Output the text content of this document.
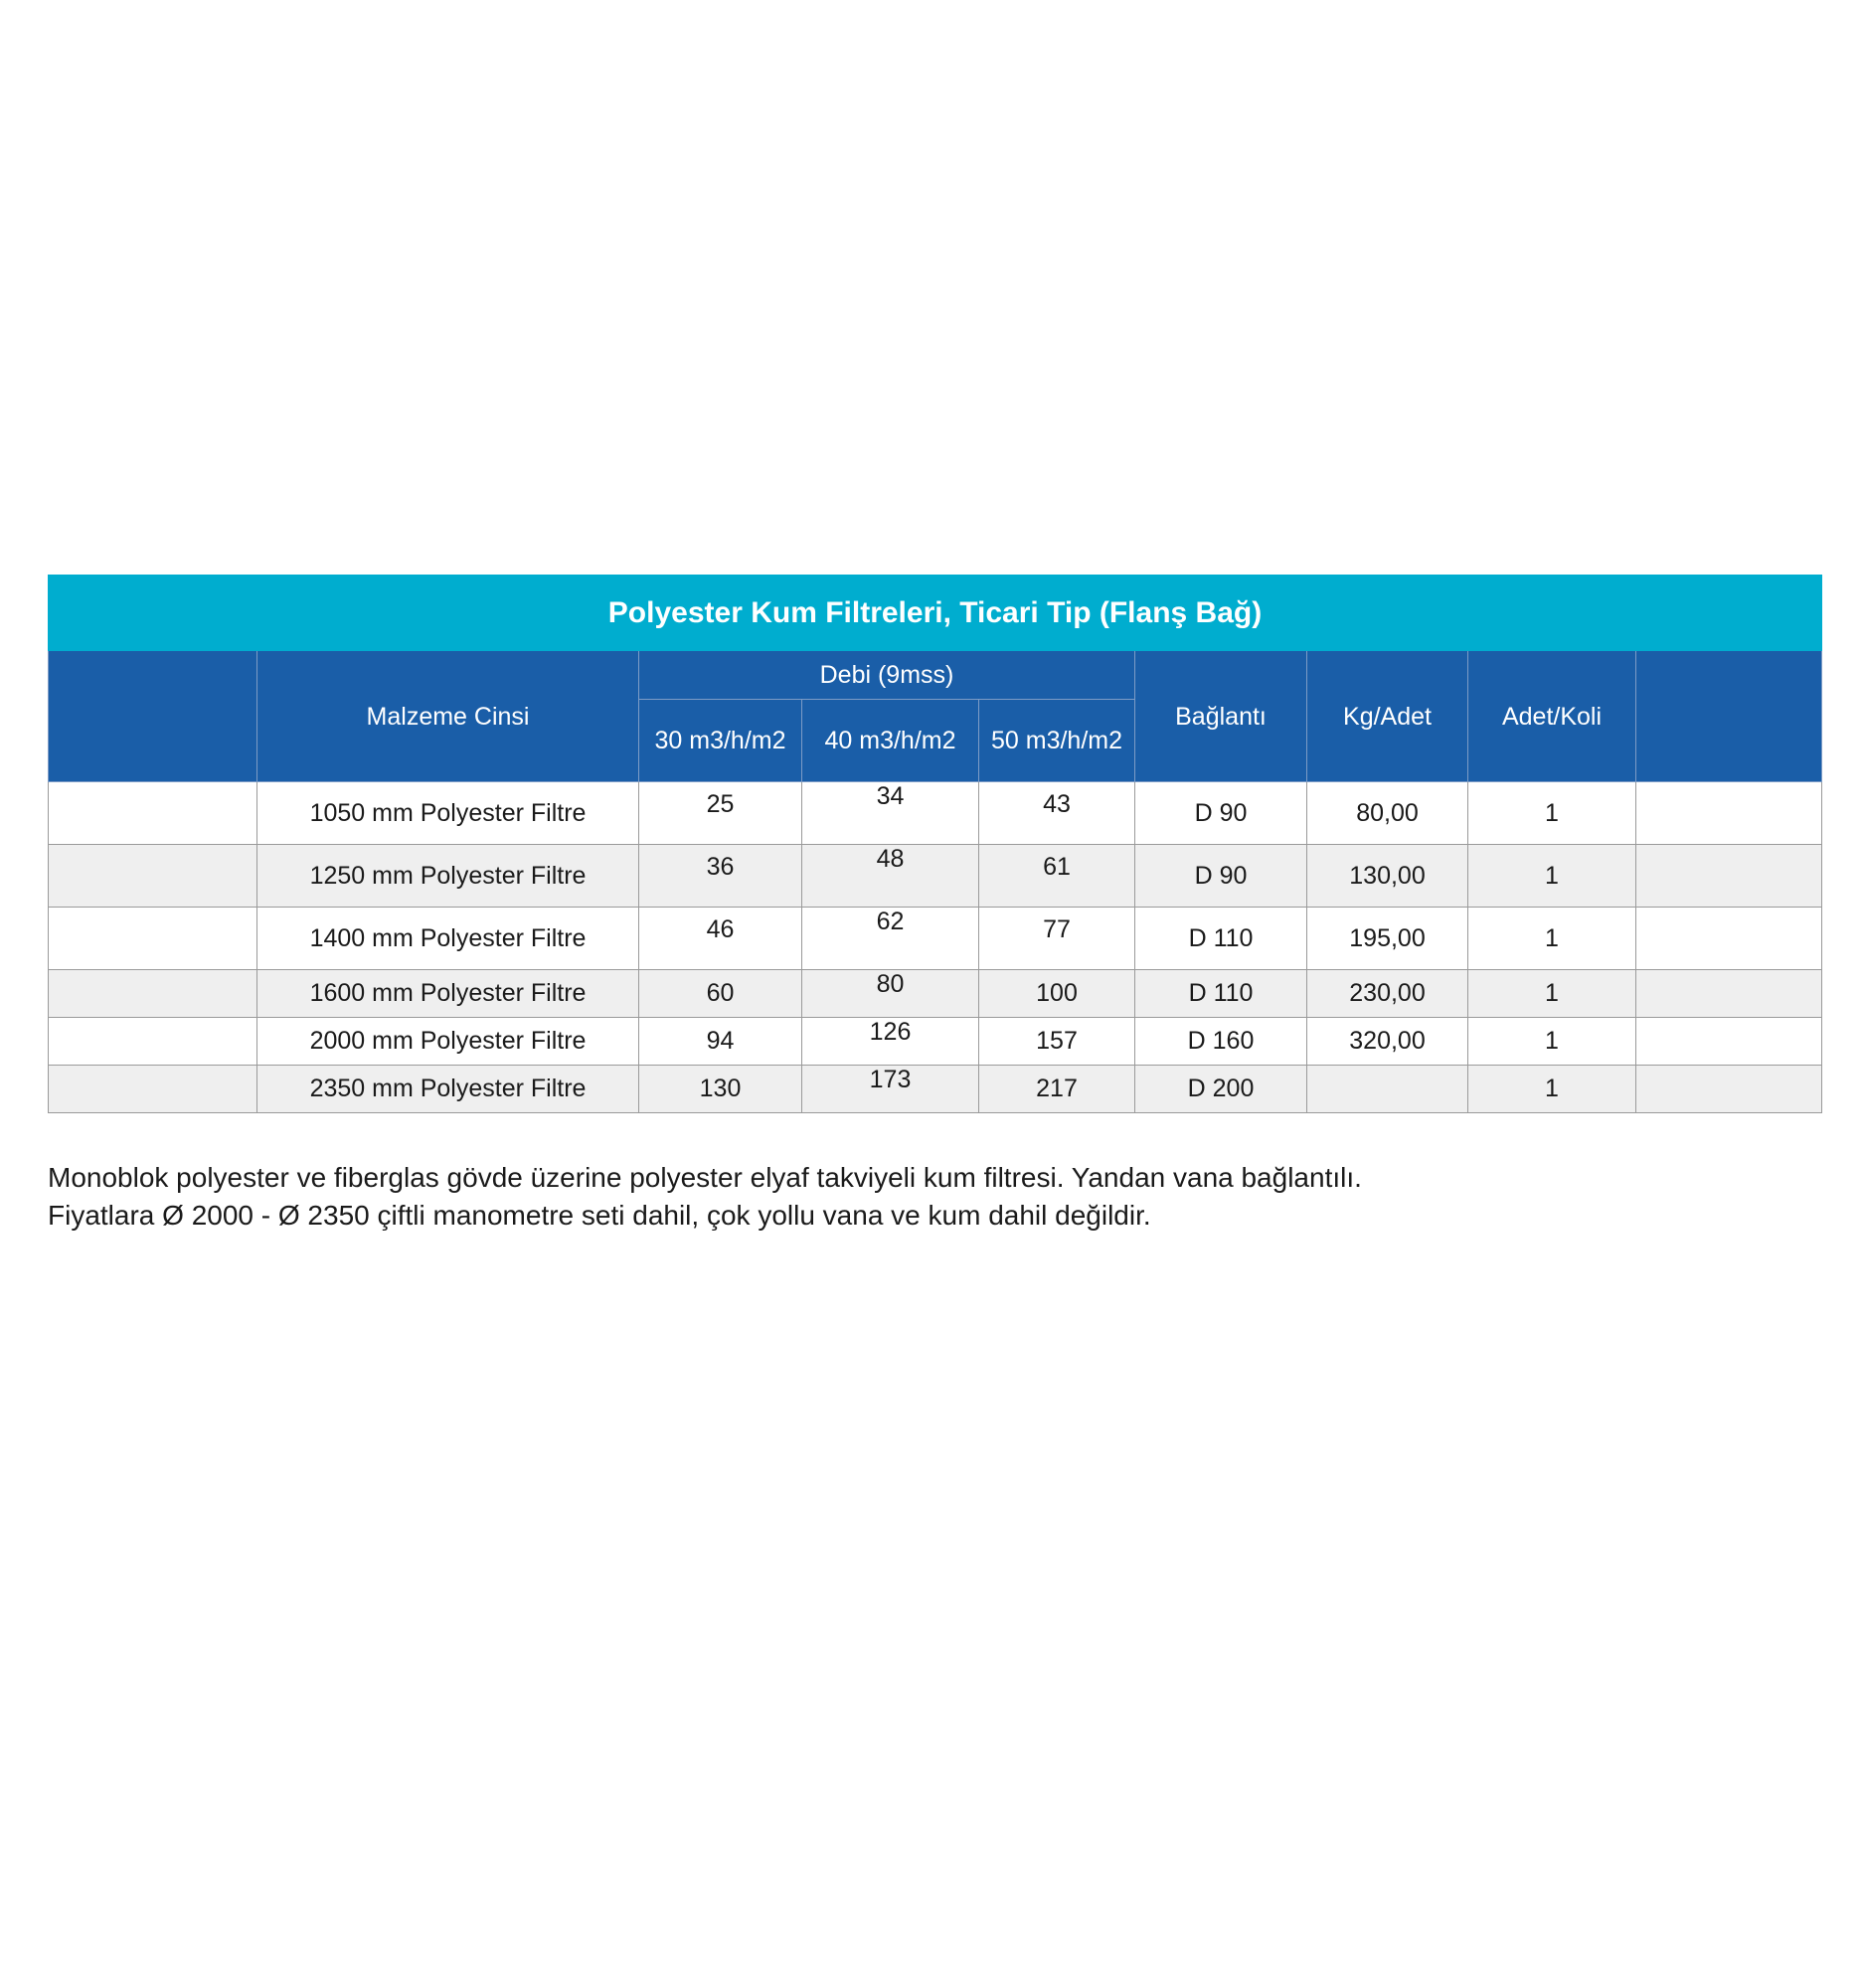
Polyester Kum Filtreleri, Ticari Tip (Flanş Bağ)								
	Malzeme Cinsi	Debi (9mss)			Bağlantı	Kg/Adet	Adet/Koli	
		30 m3/h/m2	40 m3/h/m2	50 m3/h/m2				
	1050 mm Polyester Filtre	25	34	43	D 90	80,00	1	
	1250 mm Polyester Filtre	36	48	61	D 90	130,00	1	
	1400 mm Polyester Filtre	46	62	77	D 110	195,00	1	
	1600 mm Polyester Filtre	60	80	100	D 110	230,00	1	
	2000 mm Polyester Filtre	94	126	157	D 160	320,00	1	
	2350 mm Polyester Filtre	130	173	217	D 200		1	

Monoblok polyester ve fiberglas gövde üzerine polyester elyaf takviyeli kum filtresi. Yandan vana bağlantılı.

Fiyatlara Ø 2000 - Ø 2350 çiftli manometre seti dahil, çok yollu vana ve kum dahil değildir.
